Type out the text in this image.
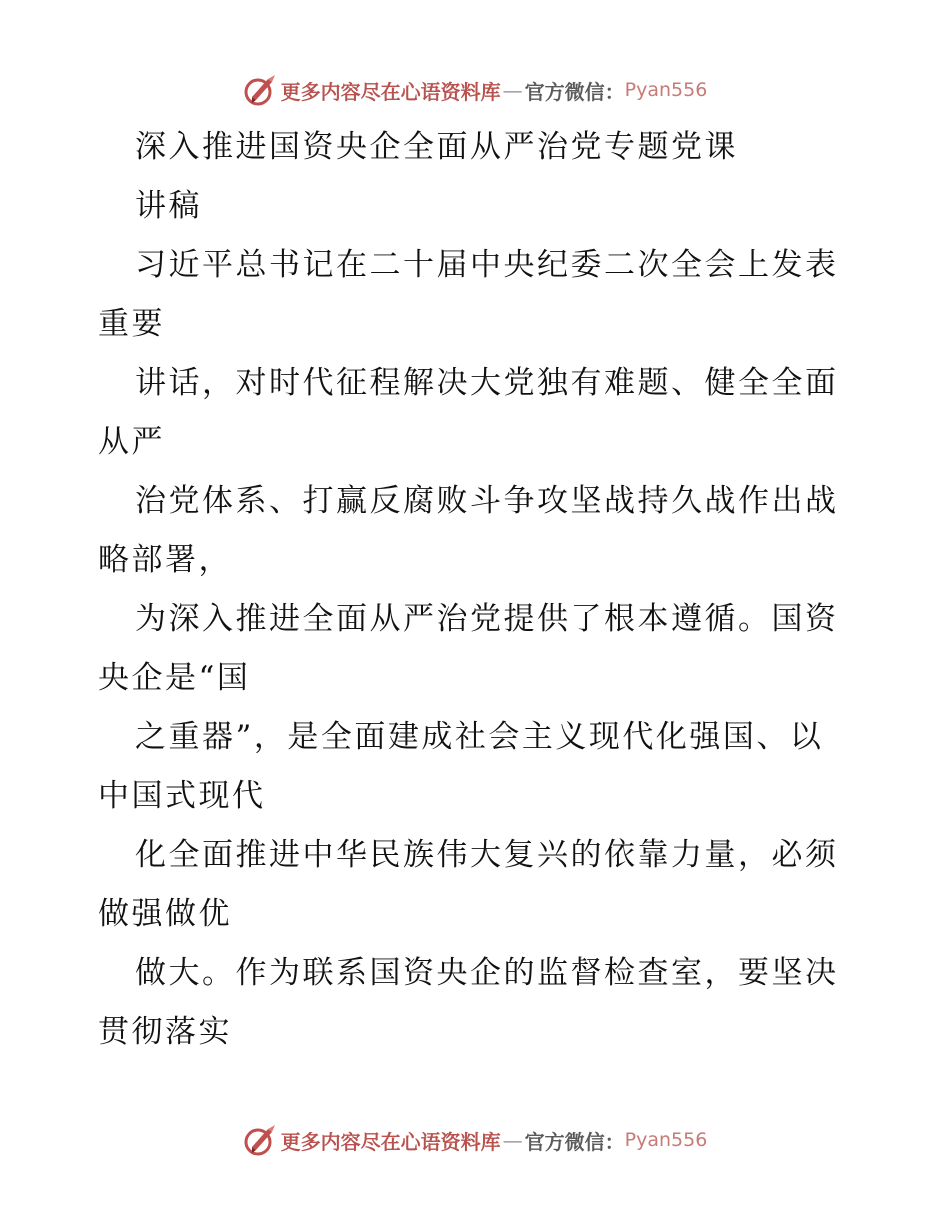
更多内容尽在心语资料库 — 官方微信： Pyan556
深入推进国资央企全面从严治党专题党课
讲稿
习近平总书记在二十届中央纪委二次全会上发表
重要
讲话，对时代征程解决大党独有难题、健全全面
从严
治党体系、打赢反腐败斗争攻坚战持久战作出战
略部署，
为深入推进全面从严治党提供了根本遵循。国资
央企是“国
之重器”，是全面建成社会主义现代化强国、以
中国式现代
化全面推进中华民族伟大复兴的依靠力量，必须
做强做优
做大。作为联系国资央企的监督检查室，要坚决
贯彻落实
更多内容尽在心语资料库 — 官方微信： Pyan556
